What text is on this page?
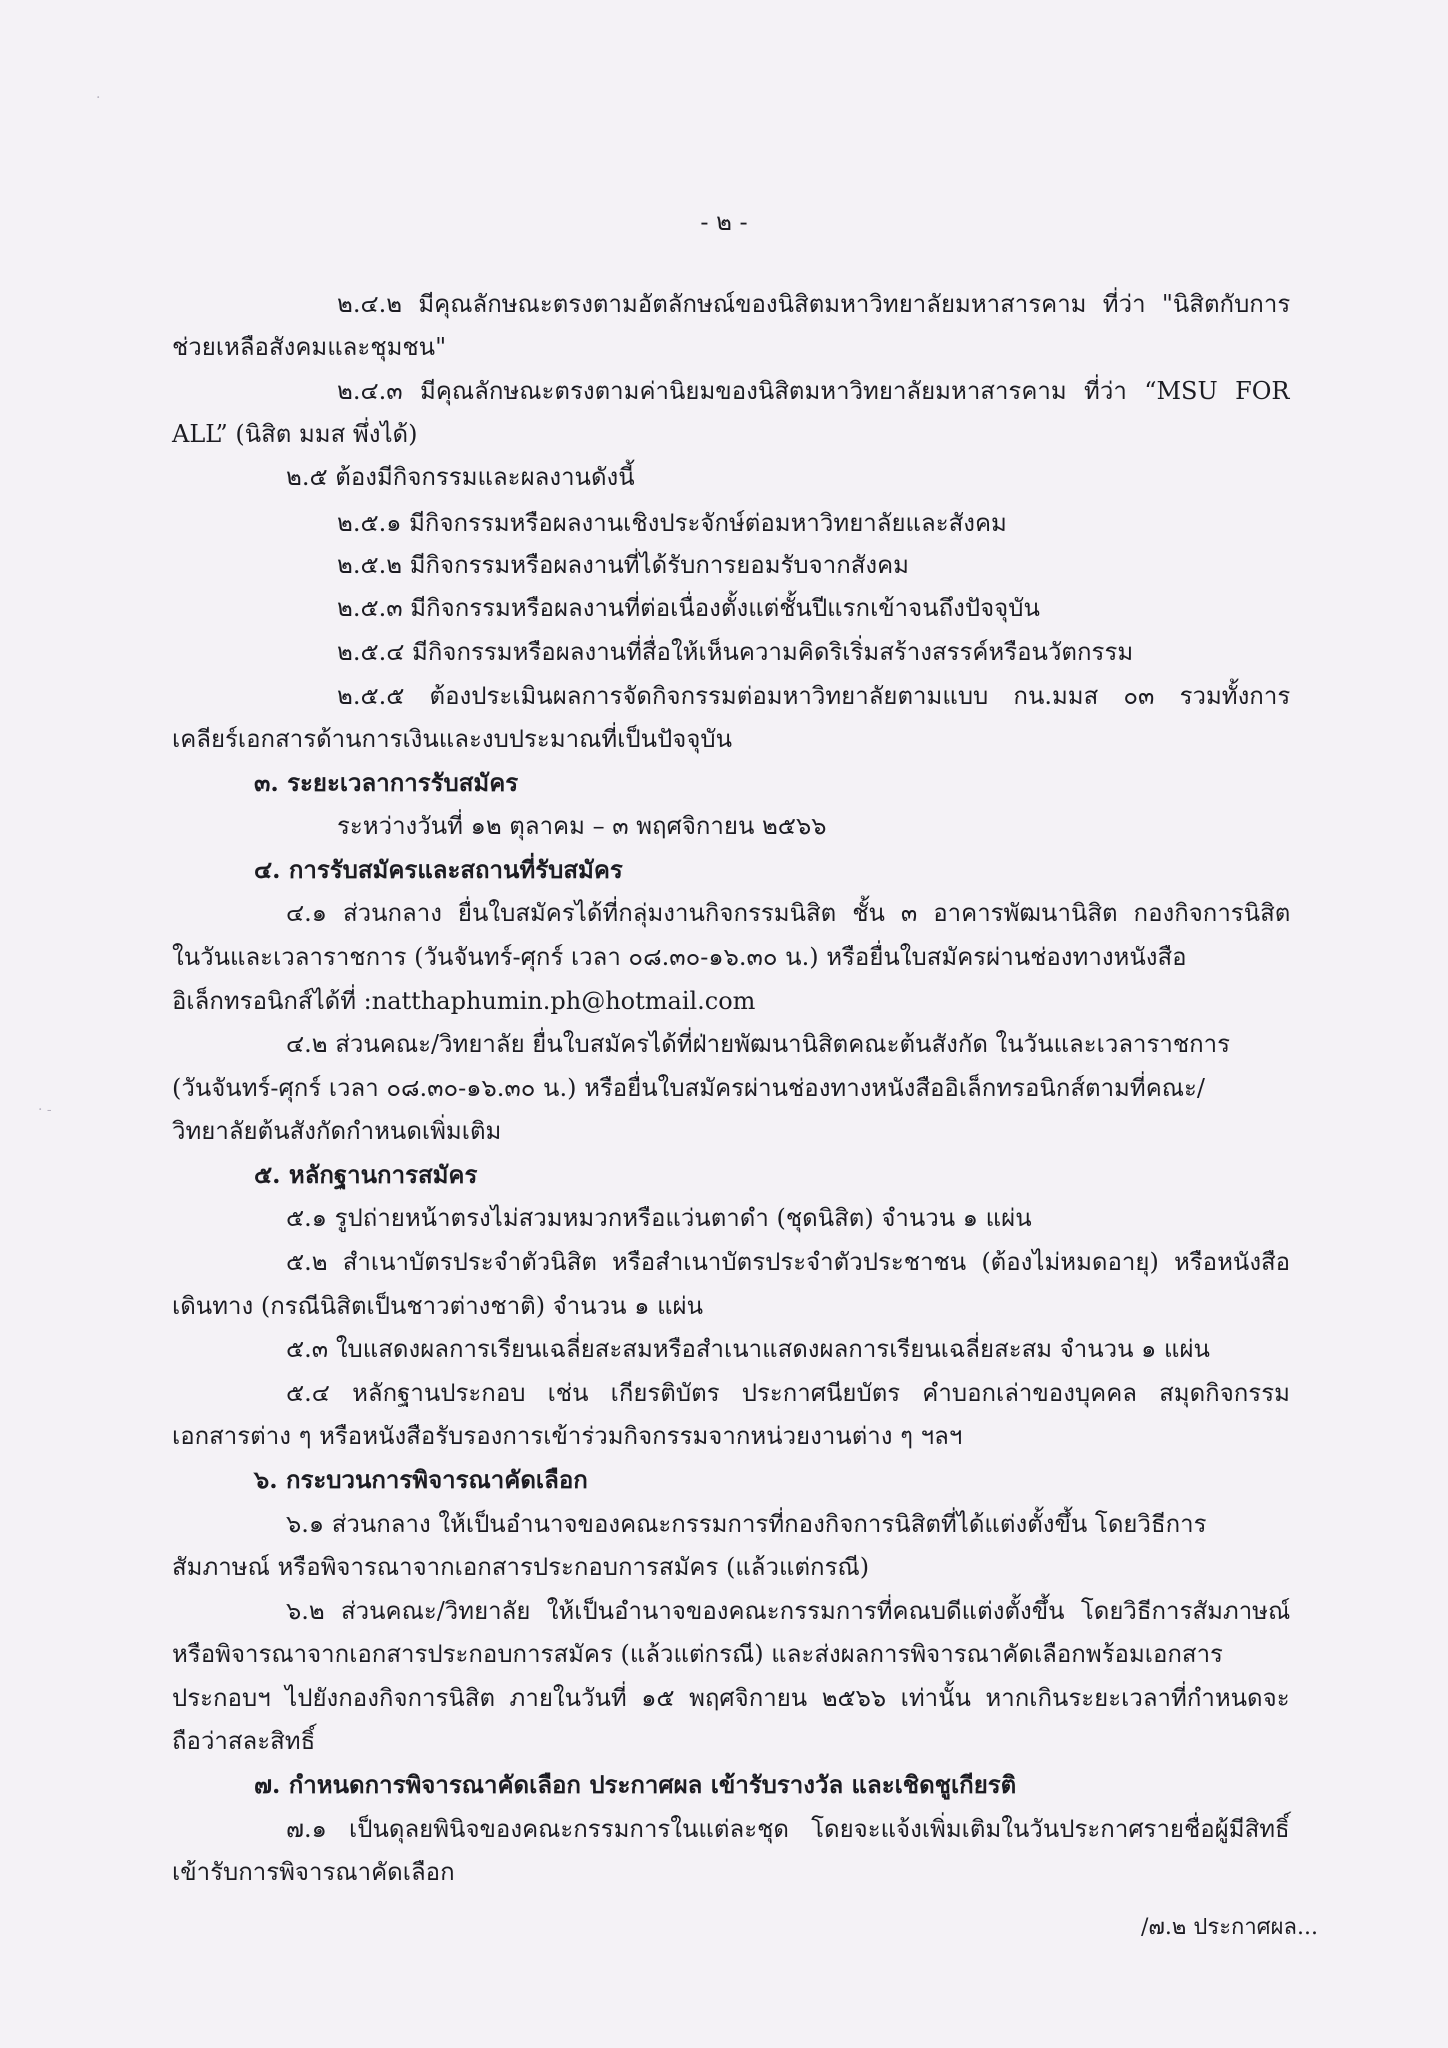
·
· -
- ๒ -
๒.๔.๒ มีคุณลักษณะตรงตามอัตลักษณ์ของนิสิตมหาวิทยาลัยมหาสารคาม ที่ว่า "นิสิตกับการ
ช่วยเหลือสังคมและชุมชน"
๒.๔.๓ มีคุณลักษณะตรงตามค่านิยมของนิสิตมหาวิทยาลัยมหาสารคาม ที่ว่า “MSU FOR
ALL” (นิสิต มมส พึ่งได้)
๒.๕ ต้องมีกิจกรรมและผลงานดังนี้
๒.๕.๑ มีกิจกรรมหรือผลงานเชิงประจักษ์ต่อมหาวิทยาลัยและสังคม
๒.๕.๒ มีกิจกรรมหรือผลงานที่ได้รับการยอมรับจากสังคม
๒.๕.๓ มีกิจกรรมหรือผลงานที่ต่อเนื่องตั้งแต่ชั้นปีแรกเข้าจนถึงปัจจุบัน
๒.๕.๔ มีกิจกรรมหรือผลงานที่สื่อให้เห็นความคิดริเริ่มสร้างสรรค์หรือนวัตกรรม
๒.๕.๕ ต้องประเมินผลการจัดกิจกรรมต่อมหาวิทยาลัยตามแบบ กน.มมส ๐๓ รวมทั้งการ
เคลียร์เอกสารด้านการเงินและงบประมาณที่เป็นปัจจุบัน
๓. ระยะเวลาการรับสมัคร
ระหว่างวันที่ ๑๒ ตุลาคม – ๓ พฤศจิกายน ๒๕๖๖
๔. การรับสมัครและสถานที่รับสมัคร
๔.๑ ส่วนกลาง ยื่นใบสมัครได้ที่กลุ่มงานกิจกรรมนิสิต ชั้น ๓ อาคารพัฒนานิสิต กองกิจการนิสิต
ในวันและเวลาราชการ (วันจันทร์-ศุกร์ เวลา ๐๘.๓๐-๑๖.๓๐ น.) หรือยื่นใบสมัครผ่านช่องทางหนังสือ
อิเล็กทรอนิกส์ได้ที่ :natthaphumin.ph@hotmail.com
๔.๒ ส่วนคณะ/วิทยาลัย ยื่นใบสมัครได้ที่ฝ่ายพัฒนานิสิตคณะต้นสังกัด ในวันและเวลาราชการ
(วันจันทร์-ศุกร์ เวลา ๐๘.๓๐-๑๖.๓๐ น.) หรือยื่นใบสมัครผ่านช่องทางหนังสืออิเล็กทรอนิกส์ตามที่คณะ/
วิทยาลัยต้นสังกัดกำหนดเพิ่มเติม
๕. หลักฐานการสมัคร
๕.๑ รูปถ่ายหน้าตรงไม่สวมหมวกหรือแว่นตาดำ (ชุดนิสิต) จำนวน ๑ แผ่น
๕.๒ สำเนาบัตรประจำตัวนิสิต หรือสำเนาบัตรประจำตัวประชาชน (ต้องไม่หมดอายุ) หรือหนังสือ
เดินทาง (กรณีนิสิตเป็นชาวต่างชาติ) จำนวน ๑ แผ่น
๕.๓ ใบแสดงผลการเรียนเฉลี่ยสะสมหรือสำเนาแสดงผลการเรียนเฉลี่ยสะสม จำนวน ๑ แผ่น
๕.๔ หลักฐานประกอบ เช่น เกียรติบัตร ประกาศนียบัตร คำบอกเล่าของบุคคล สมุดกิจกรรม
เอกสารต่าง ๆ หรือหนังสือรับรองการเข้าร่วมกิจกรรมจากหน่วยงานต่าง ๆ ฯลฯ
๖. กระบวนการพิจารณาคัดเลือก
๖.๑ ส่วนกลาง ให้เป็นอำนาจของคณะกรรมการที่กองกิจการนิสิตที่ได้แต่งตั้งขึ้น โดยวิธีการ
สัมภาษณ์ หรือพิจารณาจากเอกสารประกอบการสมัคร (แล้วแต่กรณี)
๖.๒ ส่วนคณะ/วิทยาลัย ให้เป็นอำนาจของคณะกรรมการที่คณบดีแต่งตั้งขึ้น โดยวิธีการสัมภาษณ์
หรือพิจารณาจากเอกสารประกอบการสมัคร (แล้วแต่กรณี) และส่งผลการพิจารณาคัดเลือกพร้อมเอกสาร
ประกอบฯ ไปยังกองกิจการนิสิต ภายในวันที่ ๑๕ พฤศจิกายน ๒๕๖๖ เท่านั้น หากเกินระยะเวลาที่กำหนดจะ
ถือว่าสละสิทธิ์
๗. กำหนดการพิจารณาคัดเลือก ประกาศผล เข้ารับรางวัล และเชิดชูเกียรติ
๗.๑ เป็นดุลยพินิจของคณะกรรมการในแต่ละชุด โดยจะแจ้งเพิ่มเติมในวันประกาศรายชื่อผู้มีสิทธิ์
เข้ารับการพิจารณาคัดเลือก
/๗.๒ ประกาศผล...
